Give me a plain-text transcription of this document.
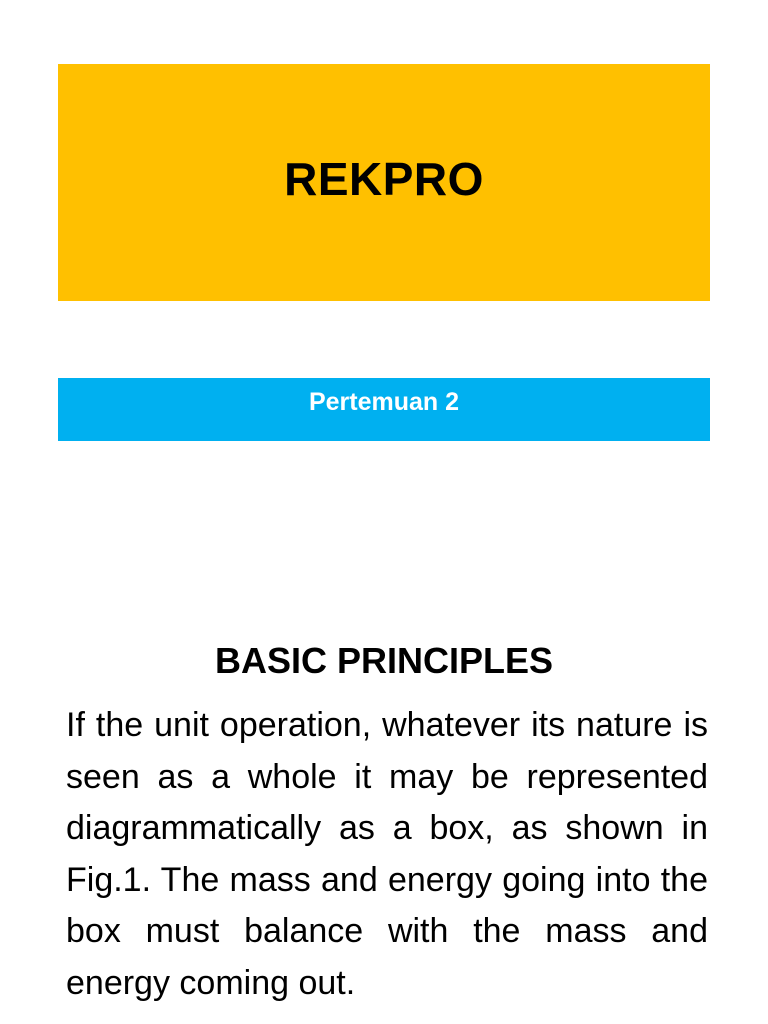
REKPRO
Pertemuan 2
BASIC PRINCIPLES

If the unit operation, whatever its nature is seen as a whole it may be represented diagrammatically as a box, as shown in Fig.1. The mass and energy going into the box must balance with the mass and energy coming out.
